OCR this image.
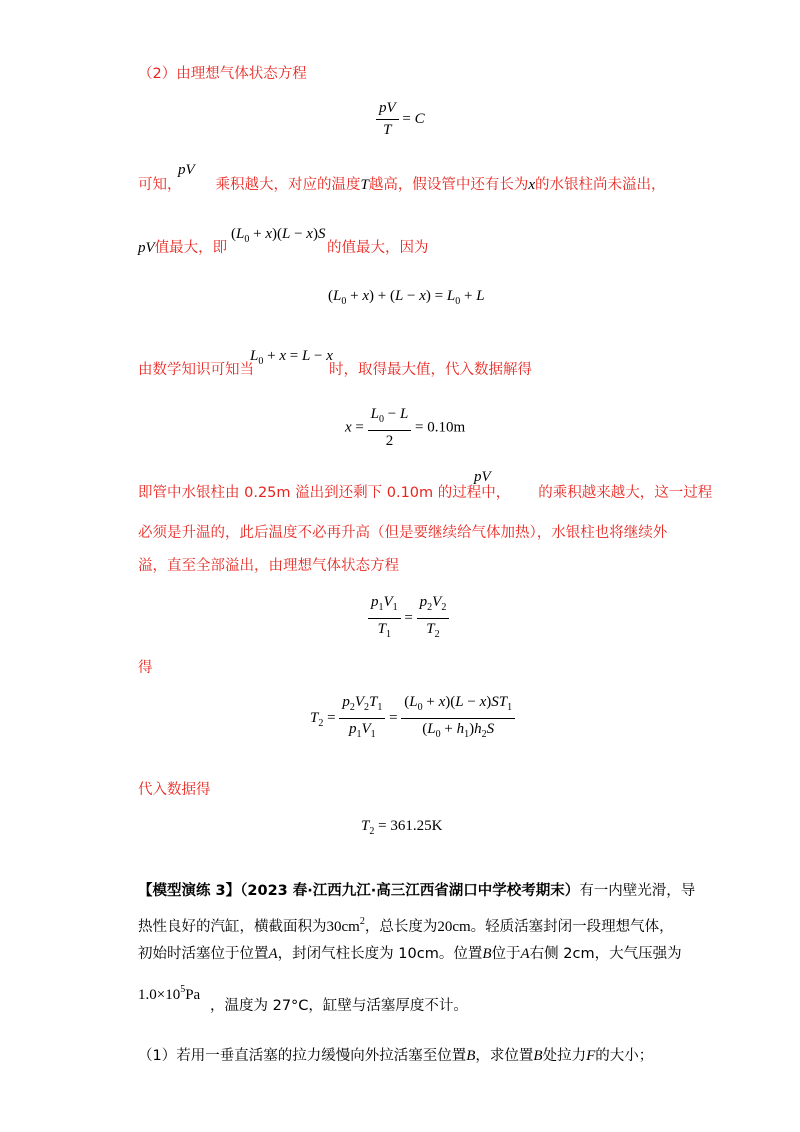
（2）由理想气体状态方程
$\frac{pV}{T} = C$
pV
可知， 乘积越大，对应的温度T越高，假设管中还有长为x的水银柱尚未溢出，
pV值最大，即
$(L_0 + x)(L - x)S$
的值最大，因为
$(L_0 + x) + (L - x) = L_0 + L$
由数学知识可知当
$L_0 + x = L - x$
时，取得最大值，代入数据解得
$x = \frac{L_0 - L}{2} = 0.10m$
pV
即管中水银柱由 0.25m 溢出到还剩下 0.10m 的过程中， 的乘积越来越大，这一过程
必须是升温的，此后温度不必再升高（但是要继续给气体加热），水银柱也将继续外
溢，直至全部溢出，由理想气体状态方程
$\frac{p_1V_1}{T_1} = \frac{p_2V_2}{T_2}$
得
$T_2 = \frac{p_2V_2T_1}{p_1V_1} = \frac{(L_0 + x)(L - x)ST_1}{(L_0 + h_1)h_2S}$
代入数据得
$T_2 = 361.25K$
【模型演练 3】（2023 春·江西九江·高三江西省湖口中学校考期末）有一内壁光滑，导
热性良好的汽缸，横截面积为$30cm^2$，总长度为20cm。轻质活塞封闭一段理想气体，
初始时活塞位于位置A，封闭气柱长度为 10cm。位置B位于A右侧 2cm，大气压强为
$1.0\times 10^5Pa$
，温度为 27°C，缸壁与活塞厚度不计。
（1）若用一垂直活塞的拉力缓慢向外拉活塞至位置B，求位置B处拉力F的大小；
